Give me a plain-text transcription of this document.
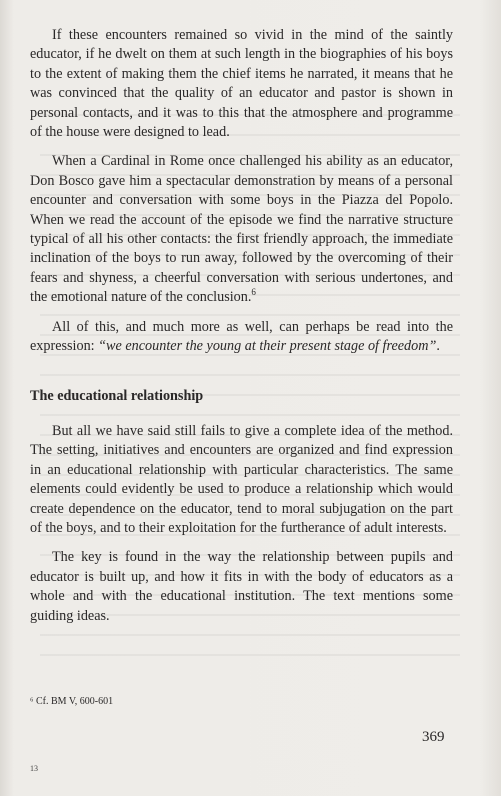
If these encounters remained so vivid in the mind of the saintly educator, if he dwelt on them at such length in the biographies of his boys to the extent of making them the chief items he narrated, it means that he was convinced that the quality of an educator and pastor is shown in personal contacts, and it was to this that the atmosphere and programme of the house were designed to lead.

When a Cardinal in Rome once challenged his ability as an educator, Don Bosco gave him a spectacular demonstration by means of a personal encounter and conversation with some boys in the Piazza del Popolo. When we read the account of the episode we find the narrative structure typical of all his other contacts: the first friendly approach, the immediate inclination of the boys to run away, followed by the overcoming of their fears and shyness, a cheerful conversation with serious undertones, and the emotional nature of the conclusion.$^6$

All of this, and much more as well, can perhaps be read into the expression: “we encounter the young at their present stage of freedom”.

The educational relationship

But all we have said still fails to give a complete idea of the method. The setting, initiatives and encounters are organized and find expression in an educational relationship with particular characteristics. The same elements could evidently be used to produce a relationship which would create dependence on the educator, tend to moral subjugation on the part of the boys, and to their exploitation for the furtherance of adult interests.

The key is found in the way the relationship between pupils and educator is built up, and how it fits in with the body of educators as a whole and with the educational institution. The text mentions some guiding ideas.

⁶ Cf. BM V, 600-601

369

13
